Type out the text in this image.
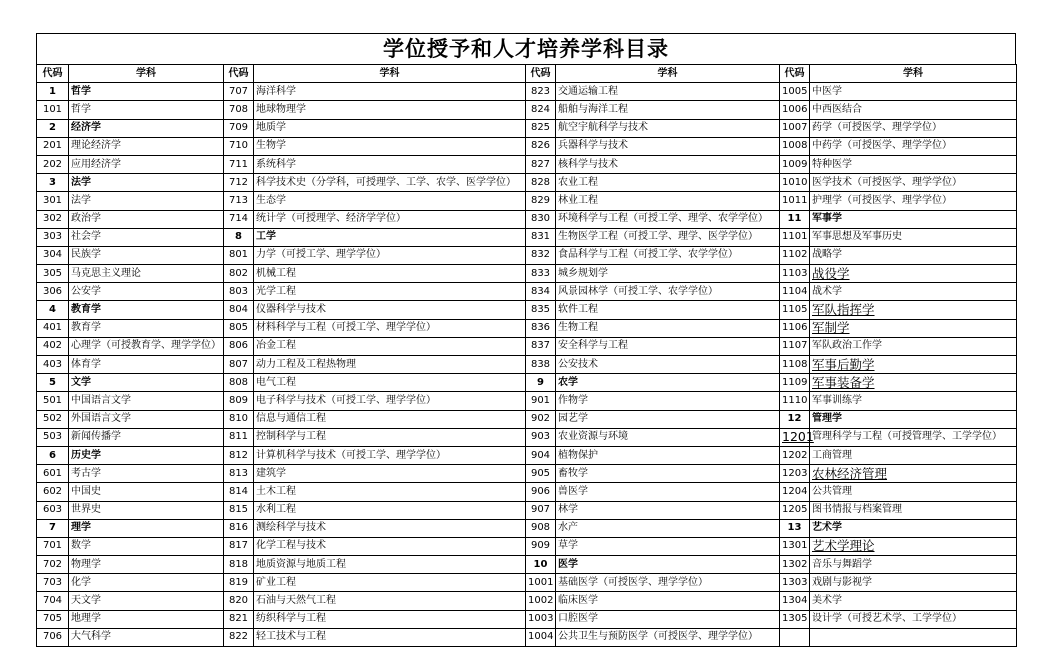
学位授予和人才培养学科目录
代码	学科	代码	学科	代码	学科	代码	学科
1	哲学	707	海洋科学	823	交通运输工程	1005	中医学
101	哲学	708	地球物理学	824	船舶与海洋工程	1006	中西医结合
2	经济学	709	地质学	825	航空宇航科学与技术	1007	药学（可授医学、理学学位）
201	理论经济学	710	生物学	826	兵器科学与技术	1008	中药学（可授医学、理学学位）
202	应用经济学	711	系统科学	827	核科学与技术	1009	特种医学
3	法学	712	科学技术史（分学科，可授理学、工学、农学、医学学位）	828	农业工程	1010	医学技术（可授医学、理学学位）
301	法学	713	生态学	829	林业工程	1011	护理学（可授医学、理学学位）
302	政治学	714	统计学（可授理学、经济学学位）	830	环境科学与工程（可授工学、理学、农学学位）	11	军事学
303	社会学	8	工学	831	生物医学工程（可授工学、理学、医学学位）	1101	军事思想及军事历史
304	民族学	801	力学（可授工学、理学学位）	832	食品科学与工程（可授工学、农学学位）	1102	战略学
305	马克思主义理论	802	机械工程	833	城乡规划学	1103	战役学
306	公安学	803	光学工程	834	风景园林学（可授工学、农学学位）	1104	战术学
4	教育学	804	仪器科学与技术	835	软件工程	1105	军队指挥学
401	教育学	805	材料科学与工程（可授工学、理学学位）	836	生物工程	1106	军制学
402	心理学（可授教育学、理学学位）	806	冶金工程	837	安全科学与工程	1107	军队政治工作学
403	体育学	807	动力工程及工程热物理	838	公安技术	1108	军事后勤学
5	文学	808	电气工程	9	农学	1109	军事装备学
501	中国语言文学	809	电子科学与技术（可授工学、理学学位）	901	作物学	1110	军事训练学
502	外国语言文学	810	信息与通信工程	902	园艺学	12	管理学
503	新闻传播学	811	控制科学与工程	903	农业资源与环境	1201	管理科学与工程（可授管理学、工学学位）
6	历史学	812	计算机科学与技术（可授工学、理学学位）	904	植物保护	1202	工商管理
601	考古学	813	建筑学	905	畜牧学	1203	农林经济管理
602	中国史	814	土木工程	906	兽医学	1204	公共管理
603	世界史	815	水利工程	907	林学	1205	图书情报与档案管理
7	理学	816	测绘科学与技术	908	水产	13	艺术学
701	数学	817	化学工程与技术	909	草学	1301	艺术学理论
702	物理学	818	地质资源与地质工程	10	医学	1302	音乐与舞蹈学
703	化学	819	矿业工程	1001	基础医学（可授医学、理学学位）	1303	戏剧与影视学
704	天文学	820	石油与天然气工程	1002	临床医学	1304	美术学
705	地理学	821	纺织科学与工程	1003	口腔医学	1305	设计学（可授艺术学、工学学位）
706	大气科学	822	轻工技术与工程	1004	公共卫生与预防医学（可授医学、理学学位）		
